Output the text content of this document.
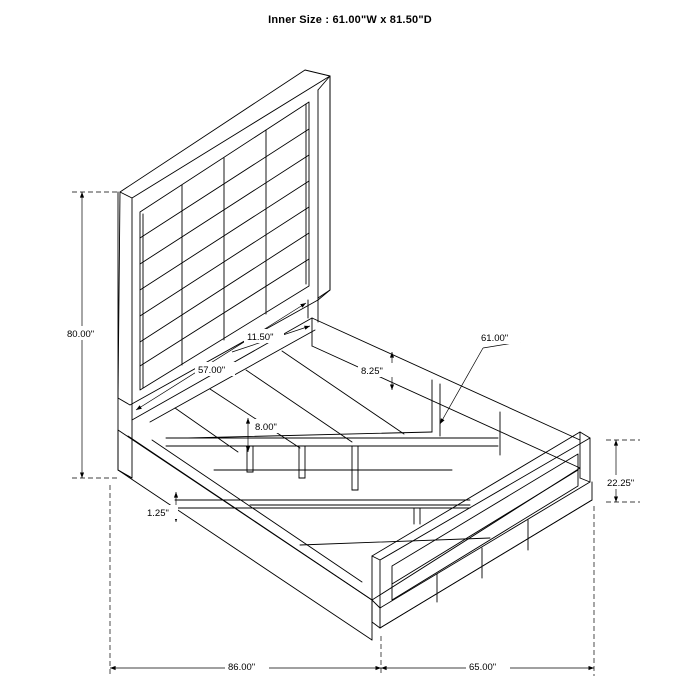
Inner Size : 61.00"W x 81.50"D
80.00"
57.00"
11.50"	61.00"
8.25"
8.00"
22.25"
1.25"
86.00"	65.00"
